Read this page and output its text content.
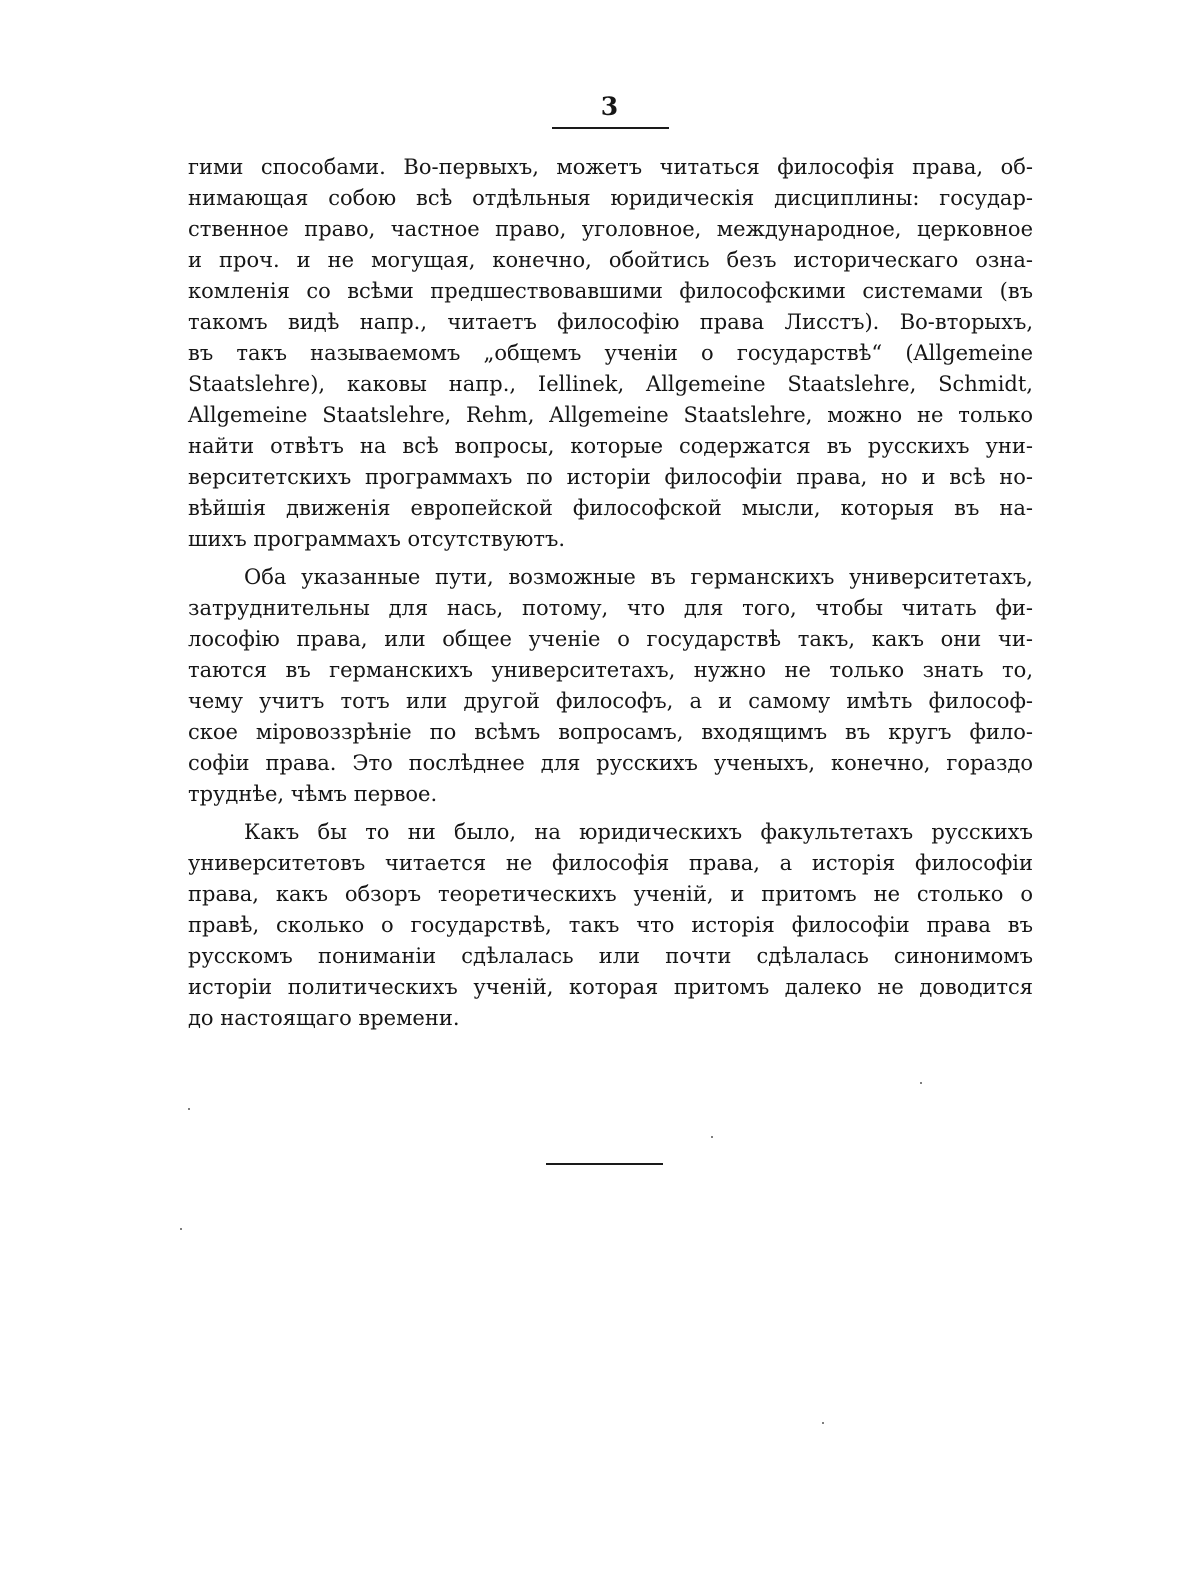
3
гими способами. Во-первыхъ, можетъ читаться философія права, об-
нимающая собою всѣ отдѣльныя юридическія дисциплины: государ-
ственное право, частное право, уголовное, международное, церковное
и проч. и не могущая, конечно, обойтись безъ историческаго озна-
комленія со всѣми предшествовавшими философскими системами (въ
такомъ видѣ напр., читаетъ философію права Лисстъ). Во-вторыхъ,
въ такъ называемомъ „общемъ ученіи о государствѣ“ (Allgemeine
Staatslehre), каковы напр., Iellinek, Allgemeine Staatslehre, Schmidt,
Allgemeine Staatslehre, Rehm, Allgemeine Staatslehre, можно не только
найти отвѣтъ на всѣ вопросы, которые содержатся въ русскихъ уни-
верситетскихъ программахъ по исторіи философіи права, но и всѣ но-
вѣйшія движенія европейской философской мысли, которыя въ на-
шихъ программахъ отсутствуютъ.
Оба указанные пути, возможные въ германскихъ университетахъ,
затруднительны для нась, потому, что для того, чтобы читать фи-
лософію права, или общее ученіе о государствѣ такъ, какъ они чи-
таются въ германскихъ университетахъ, нужно не только знать то,
чему учитъ тотъ или другой философъ, а и самому имѣть философ-
ское міровоззрѣніе по всѣмъ вопросамъ, входящимъ въ кругъ фило-
софіи права. Это послѣднее для русскихъ ученыхъ, конечно, гораздо
труднѣе, чѣмъ первое.
Какъ бы то ни было, на юридическихъ факультетахъ русскихъ
университетовъ читается не философія права, а исторія философіи
права, какъ обзоръ теоретическихъ ученій, и притомъ не столько о
правѣ, сколько о государствѣ, такъ что исторія философіи права въ
русскомъ пониманіи сдѣлалась или почти сдѣлалась синонимомъ
исторіи политическихъ ученій, которая притомъ далеко не доводится
до настоящаго времени.
